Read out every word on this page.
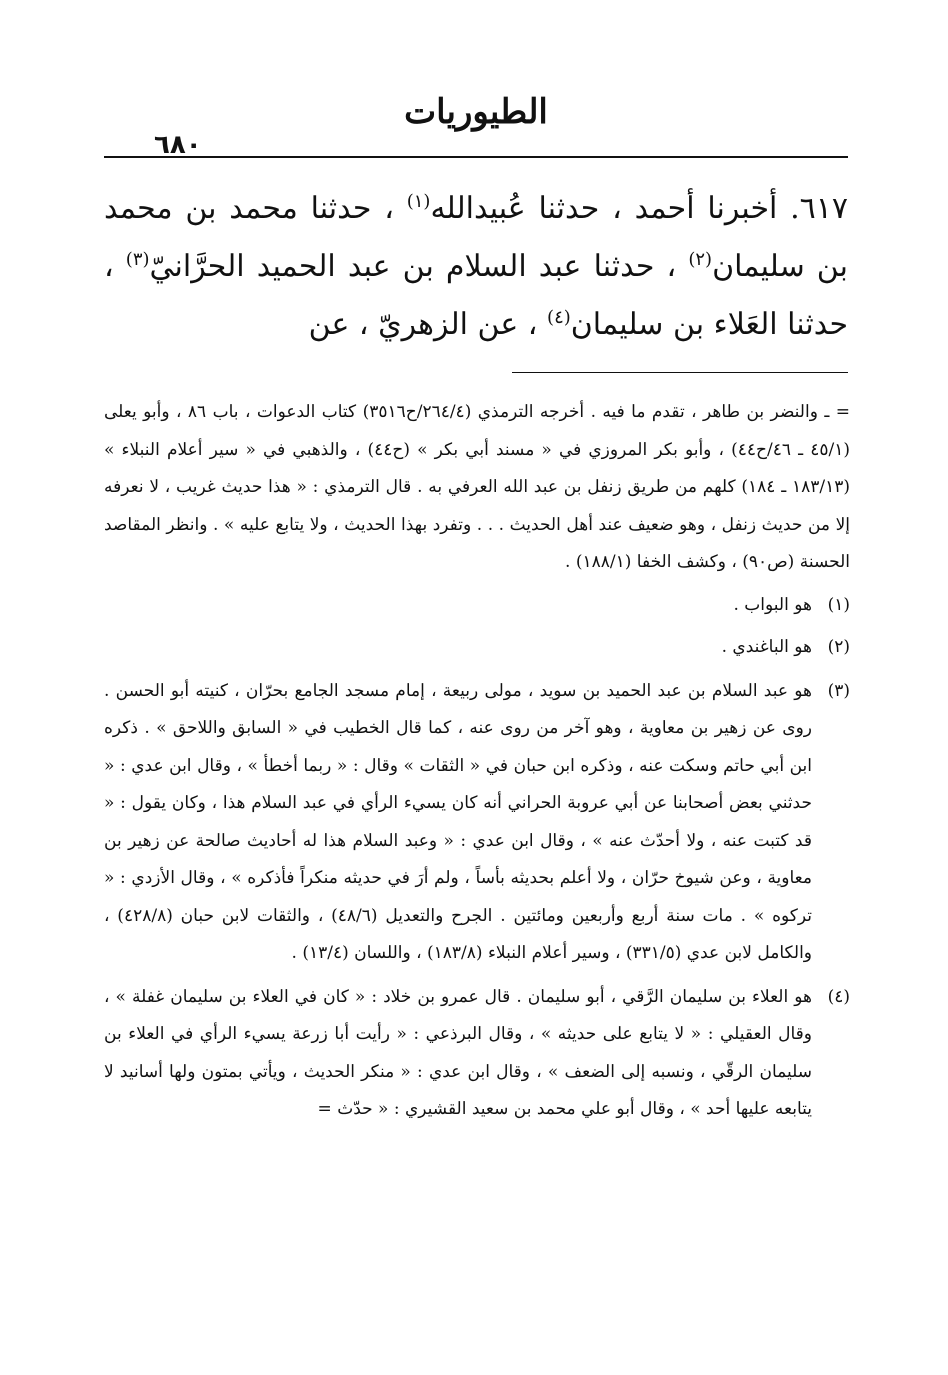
الطيوريات
٦٨٠
٦١٧. أخبرنا أحمد ، حدثنا عُبيدالله$^{(١)}$ ، حدثنا محمد بن محمد بن سليمان$^{(٢)}$ ، حدثنا عبد السلام بن عبد الحميد الحرَّانيّ$^{(٣)}$ ، حدثنا العَلاء بن سليمان$^{(٤)}$ ، عن الزهريّ ، عن

= ـ والنضر بن طاهر ، تقدم ما فيه . أخرجه الترمذي (٢٦٤/٤/ح٣٥١٦) كتاب الدعوات ، باب ٨٦ ، وأبو يعلى (٤٥/١ ـ ٤٦/ح٤٤) ، وأبو بكر المروزي في « مسند أبي بكر » (ح٤٤) ، والذهبي في « سير أعلام النبلاء » (١٨٣/١٣ ـ ١٨٤) كلهم من طريق زنفل بن عبد الله العرفي به . قال الترمذي : « هذا حديث غريب ، لا نعرفه إلا من حديث زنفل ، وهو ضعيف عند أهل الحديث . . . وتفرد بهذا الحديث ، ولا يتابع عليه » . وانظر المقاصد الحسنة (ص٩٠) ، وكشف الخفا (١٨٨/١) .

(١)
هو البواب .
(٢)
هو الباغندي .
(٣)
هو عبد السلام بن عبد الحميد بن سويد ، مولى ربيعة ، إمام مسجد الجامع بحرّان ، كنيته أبو الحسن . روى عن زهير بن معاوية ، وهو آخر من روى عنه ، كما قال الخطيب في « السابق واللاحق » . ذكره ابن أبي حاتم وسكت عنه ، وذكره ابن حبان في « الثقات » وقال : « ربما أخطأ » ، وقال ابن عدي : « حدثني بعض أصحابنا عن أبي عروبة الحراني أنه كان يسيء الرأي في عبد السلام هذا ، وكان يقول : « قد كتبت عنه ، ولا أحدّث عنه » ، وقال ابن عدي : « وعبد السلام هذا له أحاديث صالحة عن زهير بن معاوية ، وعن شيوخ حرّان ، ولا أعلم بحديثه بأساً ، ولم أرَ في حديثه منكراً فأذكره » ، وقال الأزدي : « تركوه » . مات سنة أربع وأربعين ومائتين . الجرح والتعديل (٤٨/٦) ، والثقات لابن حبان (٤٢٨/٨) ، والكامل لابن عدي (٣٣١/٥) ، وسير أعلام النبلاء (١٨٣/٨) ، واللسان (١٣/٤) .
(٤)
هو العلاء بن سليمان الرَّقي ، أبو سليمان . قال عمرو بن خلاد : « كان في العلاء بن سليمان غفلة » ، وقال العقيلي : « لا يتابع على حديثه » ، وقال البرذعي : « رأيت أبا زرعة يسيء الرأي في العلاء بن سليمان الرقّي ، ونسبه إلى الضعف » ، وقال ابن عدي : « منكر الحديث ، ويأتي بمتون ولها أسانيد لا يتابعه عليها أحد » ، وقال أبو علي محمد بن سعيد القشيري : « حدّث =
